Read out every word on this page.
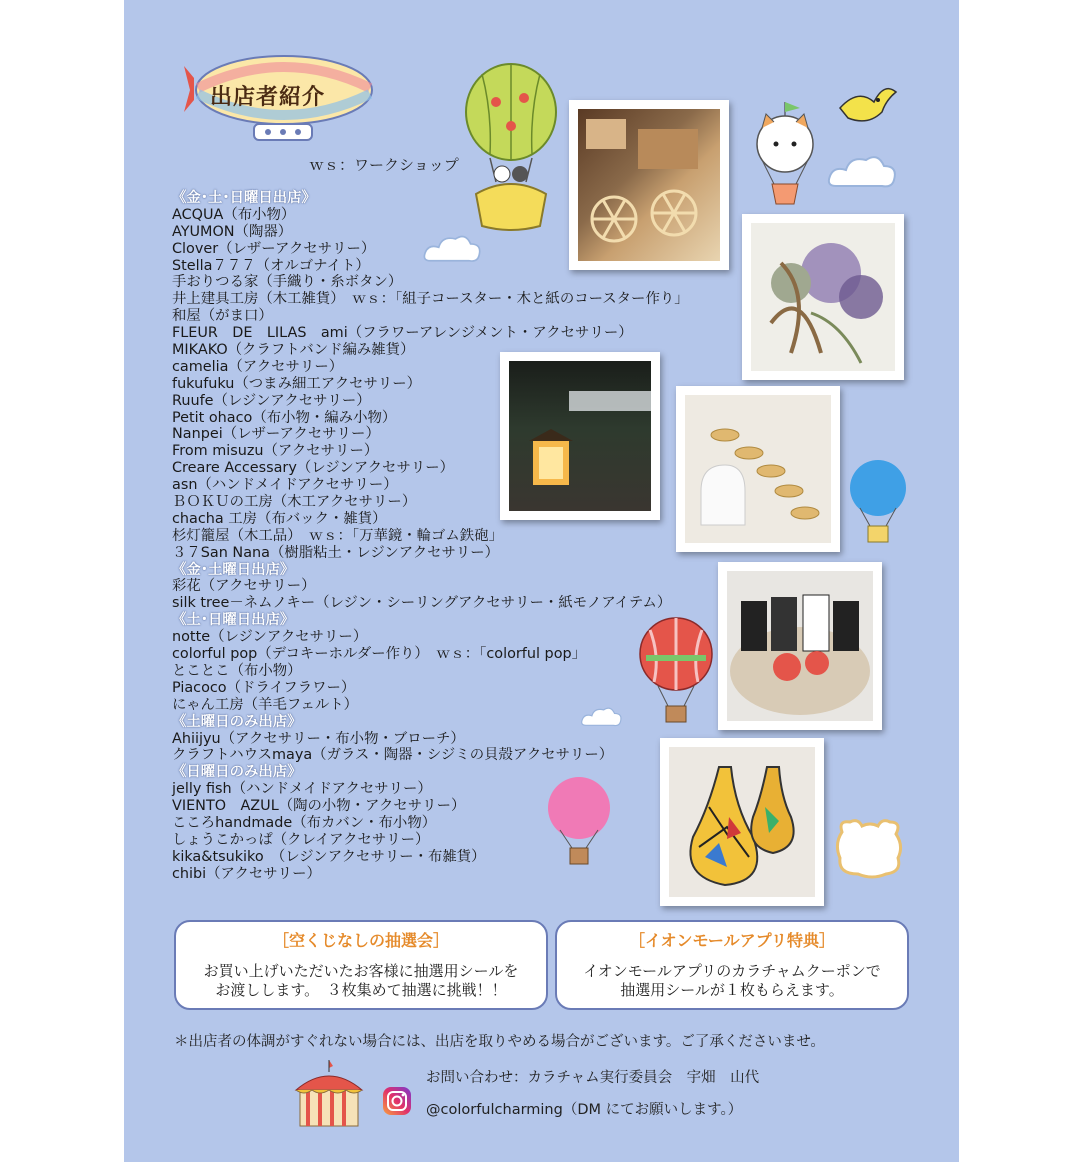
出店者紹介
ｗｓ：ワークショップ
《金･土･日曜日出店》
ACQUA（布小物）
AYUMON（陶器）
Clover（レザーアクセサリー）
Stella７７７（オルゴナイト）
手おりつる家（手織り・糸ボタン）
井上建具工房（木工雑貨）　ｗｓ：「組子コースター・木と紙のコースター作り」
和屋（がま口）
FLEUR　DE　LILAS　ami（フラワーアレンジメント・アクセサリー）
MIKAKO（クラフトバンド編み雑貨）
camelia（アクセサリー）
fukufuku（つまみ細工アクセサリー）
Ruufe（レジンアクセサリー）
Petit ohaco（布小物・編み小物）
Nanpei（レザーアクセサリー）
From misuzu（アクセサリー）
Creare Accessary（レジンアクセサリー）
asn（ハンドメイドアクセサリー）
ＢＯＫＵの工房（木工アクセサリー）
chacha 工房（布バック・雑貨）
杉灯籠屋（木工品）　ｗｓ：「万華鏡・輪ゴム鉄砲」
３７San Nana（樹脂粘土・レジンアクセサリー）
《金･土曜日出店》
彩花（アクセサリー）
silk tree－ネムノキー（レジン・シーリングアクセサリー・紙モノアイテム）
《土･日曜日出店》
notte（レジンアクセサリー）
colorful pop（デコキーホルダー作り）　ｗｓ：「colorful pop」
とことこ（布小物）
Piacoco（ドライフラワー）
にゃん工房（羊毛フェルト）
《土曜日のみ出店》
Ahiijyu（アクセサリー・布小物・ブローチ）
クラフトハウスmaya（ガラス・陶器・シジミの貝殻アクセサリー）
《日曜日のみ出店》
jelly fish（ハンドメイドアクセサリー）
VIENTO　AZUL（陶の小物・アクセサリー）
こころhandmade（布カバン・布小物）
しょうこかっぱ（クレイアクセサリー）
kika&tsukiko　（レジンアクセサリー・布雑貨）
chibi（アクセサリー）
［空くじなしの抽選会］
お買い上げいただいたお客様に抽選用シールを
お渡しします。　３枚集めて抽選に挑戦！！
［イオンモールアプリ特典］
イオンモールアプリのカラチャムクーポンで
抽選用シールが１枚もらえます。
＊出店者の体調がすぐれない場合には、出店を取りやめる場合がございます。ご了承くださいませ。
お問い合わせ：カラチャム実行委員会　宇畑　山代
@colorfulcharming（DM にてお願いします。）
